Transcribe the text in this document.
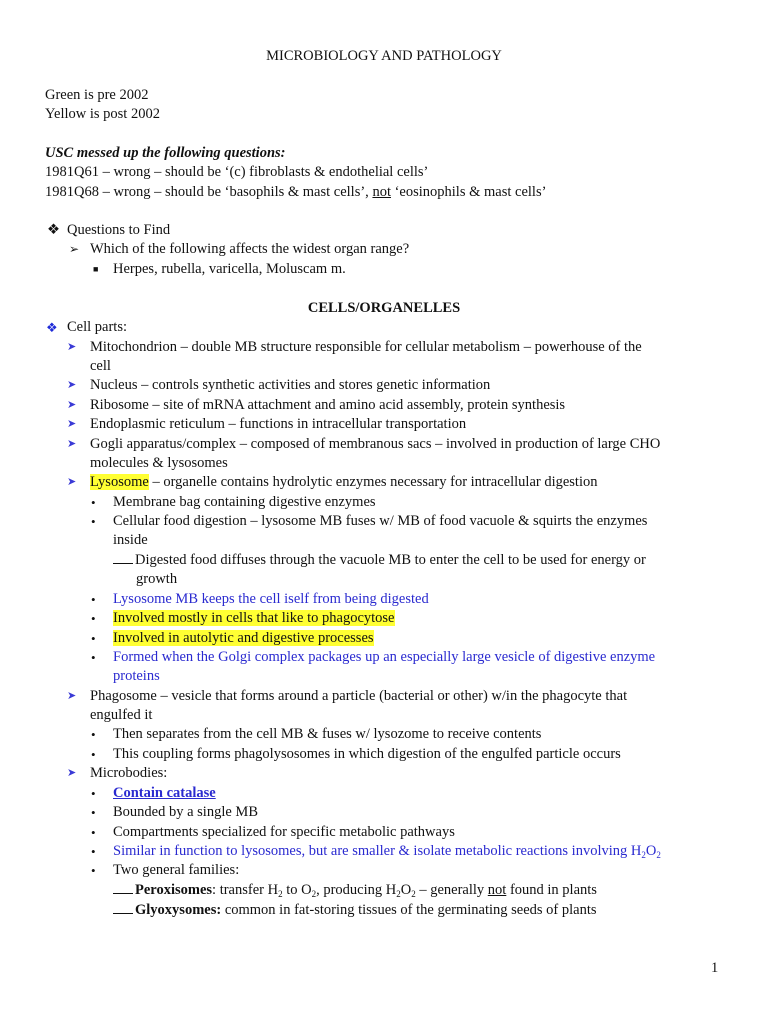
MICROBIOLOGY AND PATHOLOGY
Green is pre 2002
Yellow is post 2002
USC messed up the following questions:
1981Q61 – wrong – should be ‘(c) fibroblasts & endothelial cells’
1981Q68 – wrong – should be ‘basophils & mast cells’, not ‘eosinophils & mast cells’
❖ Questions to Find
➢ Which of the following affects the widest organ range?
■ Herpes, rubella, varicella, Moluscam m.
CELLS/ORGANELLES
❖ Cell parts:
➤ Mitochondrion – double MB structure responsible for cellular metabolism – powerhouse of the
cell
➤ Nucleus – controls synthetic activities and stores genetic information
➤ Ribosome – site of mRNA attachment and amino acid assembly, protein synthesis
➤ Endoplasmic reticulum – functions in intracellular transportation
➤ Gogli apparatus/complex – composed of membranous sacs – involved in production of large CHO
molecules & lysosomes
➤ Lysosome – organelle contains hydrolytic enzymes necessary for intracellular digestion
• Membrane bag containing digestive enzymes
• Cellular food digestion – lysosome MB fuses w/ MB of food vacuole & squirts the enzymes
inside
Digested food diffuses through the vacuole MB to enter the cell to be used for energy or
growth
• Lysosome MB keeps the cell iself from being digested
• Involved mostly in cells that like to phagocytose
• Involved in autolytic and digestive processes
• Formed when the Golgi complex packages up an especially large vesicle of digestive enzyme
proteins
➤ Phagosome – vesicle that forms around a particle (bacterial or other) w/in the phagocyte that
engulfed it
• Then separates from the cell MB & fuses w/ lysozome to receive contents
• This coupling forms phagolysosomes in which digestion of the engulfed particle occurs
➤ Microbodies:
• Contain catalase
• Bounded by a single MB
• Compartments specialized for specific metabolic pathways
• Similar in function to lysosomes, but are smaller & isolate metabolic reactions involving $H_2O_2$
• Two general families:
Peroxisomes: transfer $H_2$ to $O_2$, producing $H_2O_2$ – generally not found in plants
Glyoxysomes: common in fat-storing tissues of the germinating seeds of plants
1
